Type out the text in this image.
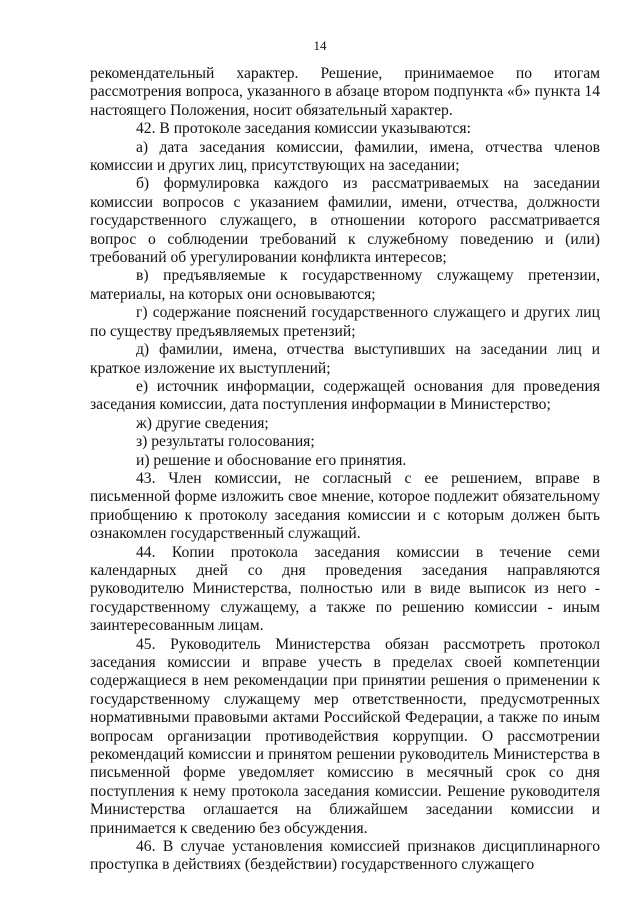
14

рекомендательный характер. Решение, принимаемое по итогам рассмотрения вопроса, указанного в абзаце втором подпункта «б» пункта 14 настоящего Положения, носит обязательный характер.

42. В протоколе заседания комиссии указываются:

а) дата заседания комиссии, фамилии, имена, отчества членов комиссии и других лиц, присутствующих на заседании;

б) формулировка каждого из рассматриваемых на заседании комиссии вопросов с указанием фамилии, имени, отчества, должности государственного служащего, в отношении которого рассматривается вопрос о соблюдении требований к служебному поведению и (или) требований об урегулировании конфликта интересов;

в) предъявляемые к государственному служащему претензии, материалы, на которых они основываются;

г) содержание пояснений государственного служащего и других лиц по существу предъявляемых претензий;

д) фамилии, имена, отчества выступивших на заседании лиц и краткое изложение их выступлений;

е) источник информации, содержащей основания для проведения заседания комиссии, дата поступления информации в Министерство;

ж) другие сведения;

з) результаты голосования;

и) решение и обоснование его принятия.

43. Член комиссии, не согласный с ее решением, вправе в письменной форме изложить свое мнение, которое подлежит обязательному приобщению к протоколу заседания комиссии и с которым должен быть ознакомлен государственный служащий.

44. Копии протокола заседания комиссии в течение семи календарных дней со дня проведения заседания направляются руководителю Министерства, полностью или в виде выписок из него - государственному служащему, а также по решению комиссии - иным заинтересованным лицам.

45. Руководитель Министерства обязан рассмотреть протокол заседания комиссии и вправе учесть в пределах своей компетенции содержащиеся в нем рекомендации при принятии решения о применении к государственному служащему мер ответственности, предусмотренных нормативными правовыми актами Российской Федерации, а также по иным вопросам организации противодействия коррупции. О рассмотрении рекомендаций комиссии и принятом решении руководитель Министерства в письменной форме уведомляет комиссию в месячный срок со дня поступления к нему протокола заседания комиссии. Решение руководителя Министерства оглашается на ближайшем заседании комиссии и принимается к сведению без обсуждения.

46. В случае установления комиссией признаков дисциплинарного проступка в действиях (бездействии) государственного служащего
